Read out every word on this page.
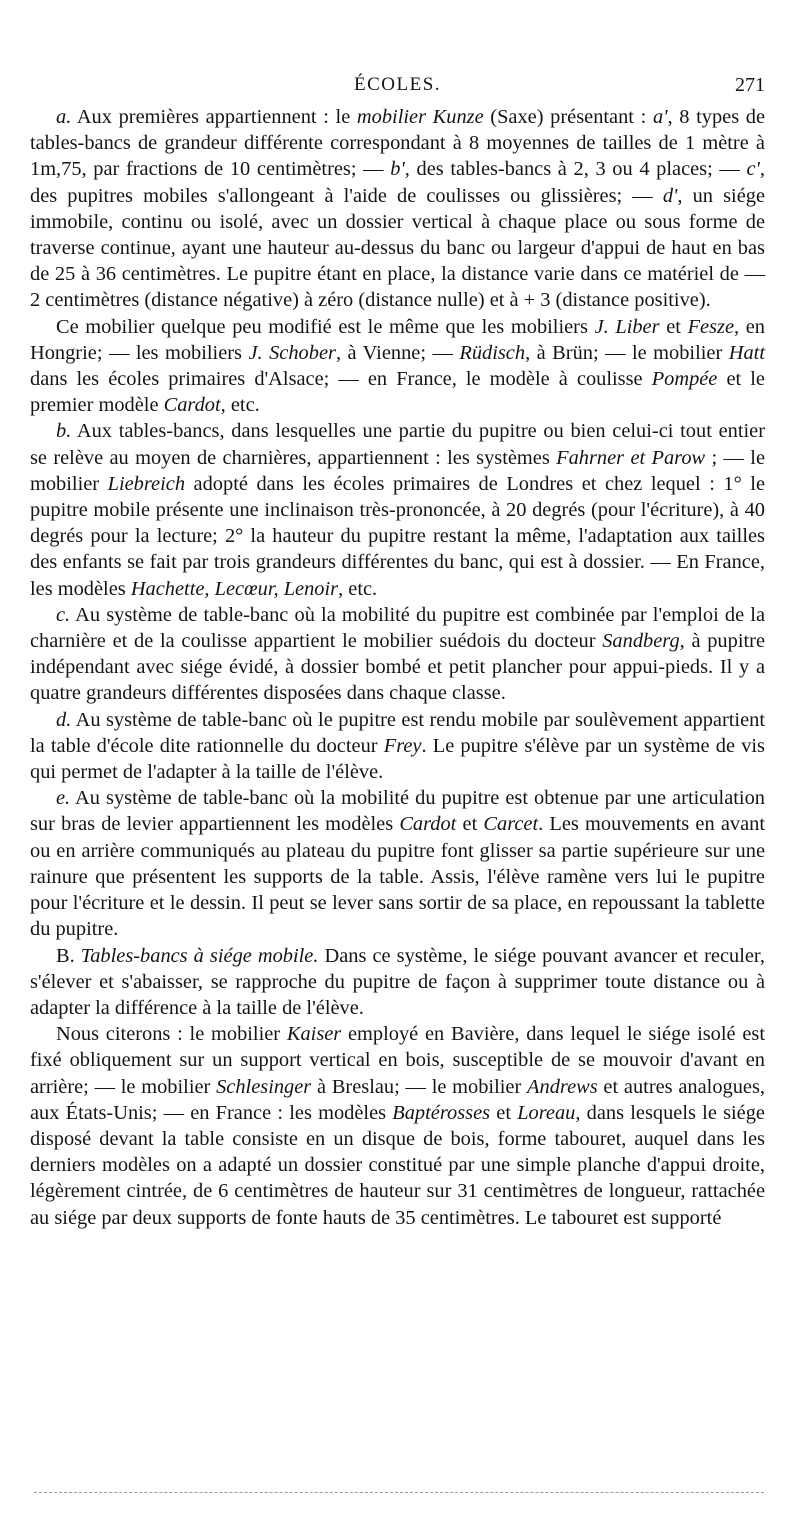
ÉCOLES.	271

a. Aux premières appartiennent : le mobilier Kunze (Saxe) présentant : a', 8 types de tables-bancs de grandeur différente correspondant à 8 moyennes de tailles de 1 mètre à 1m,75, par fractions de 10 centimètres; — b', des tables-bancs à 2, 3 ou 4 places; — c', des pupitres mobiles s'allongeant à l'aide de coulisses ou glissières; — d', un siége immobile, continu ou isolé, avec un dossier vertical à chaque place ou sous forme de traverse continue, ayant une hauteur au-dessus du banc ou largeur d'appui de haut en bas de 25 à 36 centimètres. Le pupitre étant en place, la distance varie dans ce matériel de — 2 centimètres (distance négative) à zéro (distance nulle) et à + 3 (distance positive).

Ce mobilier quelque peu modifié est le même que les mobiliers J. Liber et Fesze, en Hongrie; — les mobiliers J. Schober, à Vienne; — Rüdisch, à Brün; — le mobilier Hatt dans les écoles primaires d'Alsace; — en France, le modèle à coulisse Pompée et le premier modèle Cardot, etc.

b. Aux tables-bancs, dans lesquelles une partie du pupitre ou bien celui-ci tout entier se relève au moyen de charnières, appartiennent : les systèmes Fahrner et Parow ; — le mobilier Liebreich adopté dans les écoles primaires de Londres et chez lequel : 1° le pupitre mobile présente une inclinaison très-prononcée, à 20 degrés (pour l'écriture), à 40 degrés pour la lecture; 2° la hauteur du pupitre restant la même, l'adaptation aux tailles des enfants se fait par trois grandeurs différentes du banc, qui est à dossier. — En France, les modèles Hachette, Lecœur, Lenoir, etc.

c. Au système de table-banc où la mobilité du pupitre est combinée par l'emploi de la charnière et de la coulisse appartient le mobilier suédois du docteur Sandberg, à pupitre indépendant avec siége évidé, à dossier bombé et petit plancher pour appui-pieds. Il y a quatre grandeurs différentes disposées dans chaque classe.

d. Au système de table-banc où le pupitre est rendu mobile par soulèvement appartient la table d'école dite rationnelle du docteur Frey. Le pupitre s'élève par un système de vis qui permet de l'adapter à la taille de l'élève.

e. Au système de table-banc où la mobilité du pupitre est obtenue par une articulation sur bras de levier appartiennent les modèles Cardot et Carcet. Les mouvements en avant ou en arrière communiqués au plateau du pupitre font glisser sa partie supérieure sur une rainure que présentent les supports de la table. Assis, l'élève ramène vers lui le pupitre pour l'écriture et le dessin. Il peut se lever sans sortir de sa place, en repoussant la tablette du pupitre.

B. Tables-bancs à siége mobile. Dans ce système, le siége pouvant avancer et reculer, s'élever et s'abaisser, se rapproche du pupitre de façon à supprimer toute distance ou à adapter la différence à la taille de l'élève.

Nous citerons : le mobilier Kaiser employé en Bavière, dans lequel le siége isolé est fixé obliquement sur un support vertical en bois, susceptible de se mouvoir d'avant en arrière; — le mobilier Schlesinger à Breslau; — le mobilier Andrews et autres analogues, aux États-Unis; — en France : les modèles Baptérosses et Loreau, dans lesquels le siége disposé devant la table consiste en un disque de bois, forme tabouret, auquel dans les derniers modèles on a adapté un dossier constitué par une simple planche d'appui droite, légèrement cintrée, de 6 centimètres de hauteur sur 31 centimètres de longueur, rattachée au siége par deux supports de fonte hauts de 35 centimètres. Le tabouret est supporté
